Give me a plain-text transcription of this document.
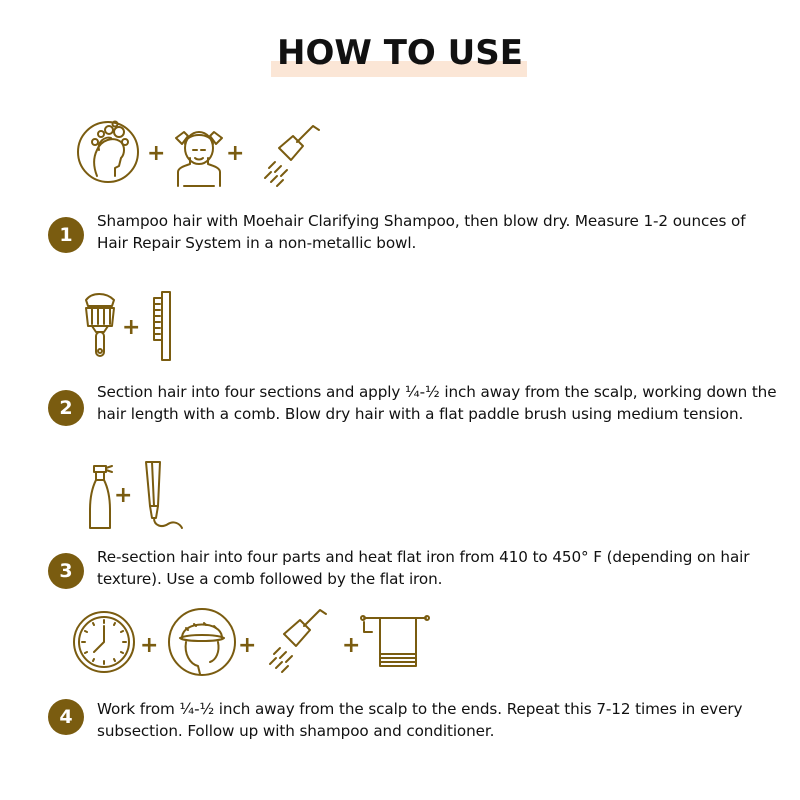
HOW TO USE
+	+
1
Shampoo hair with Moehair Clarifying Shampoo, then blow dry. Measure 1-2 ounces of Hair Repair System in a non-metallic bowl.
+
2
Section hair into four sections and apply ¼-½ inch away from the scalp, working down the hair length with a comb. Blow dry hair with a flat paddle brush using medium tension.
+
3
Re-section hair into four parts and heat flat iron from 410 to 450° F (depending on hair texture). Use a comb followed by the flat iron.
+	+	+
4	Work from ¼-½ inch away from the scalp to the ends. Repeat this 7-12 times in every subsection. Follow up with shampoo and conditioner.
